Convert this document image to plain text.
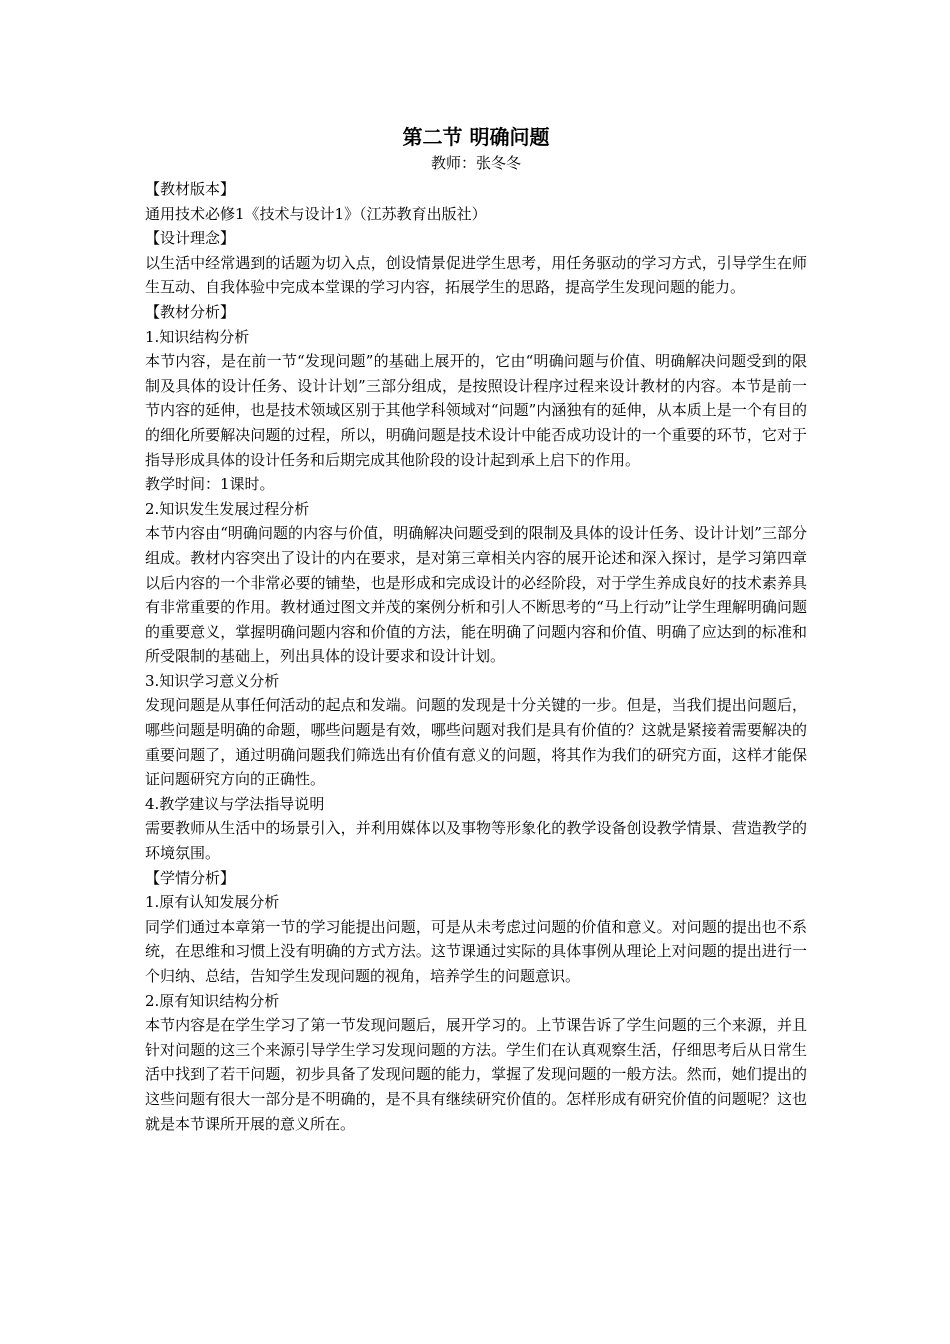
第二节 明确问题

教师：张冬冬

【教材版本】

通用技术必修1《技术与设计1》（江苏教育出版社）

【设计理念】

以生活中经常遇到的话题为切入点，创设情景促进学生思考，用任务驱动的学习方式，引导学生在师生互动、自我体验中完成本堂课的学习内容，拓展学生的思路，提高学生发现问题的能力。

【教材分析】

1.知识结构分析

本节内容，是在前一节“发现问题”的基础上展开的，它由“明确问题与价值、明确解决问题受到的限制及具体的设计任务、设计计划”三部分组成，是按照设计程序过程来设计教材的内容。本节是前一节内容的延伸，也是技术领域区别于其他学科领域对“问题”内涵独有的延伸，从本质上是一个有目的的细化所要解决问题的过程，所以，明确问题是技术设计中能否成功设计的一个重要的环节，它对于指导形成具体的设计任务和后期完成其他阶段的设计起到承上启下的作用。

教学时间：1课时。

2.知识发生发展过程分析

本节内容由“明确问题的内容与价值，明确解决问题受到的限制及具体的设计任务、设计计划”三部分组成。教材内容突出了设计的内在要求，是对第三章相关内容的展开论述和深入探讨，是学习第四章以后内容的一个非常必要的铺垫，也是形成和完成设计的必经阶段，对于学生养成良好的技术素养具有非常重要的作用。教材通过图文并茂的案例分析和引人不断思考的“马上行动”让学生理解明确问题的重要意义，掌握明确问题内容和价值的方法，能在明确了问题内容和价值、明确了应达到的标准和所受限制的基础上，列出具体的设计要求和设计计划。

3.知识学习意义分析

发现问题是从事任何活动的起点和发端。问题的发现是十分关键的一步。但是，当我们提出问题后，哪些问题是明确的命题，哪些问题是有效，哪些问题对我们是具有价值的？这就是紧接着需要解决的重要问题了，通过明确问题我们筛选出有价值有意义的问题，将其作为我们的研究方面，这样才能保证问题研究方向的正确性。

4.教学建议与学法指导说明

需要教师从生活中的场景引入，并利用媒体以及事物等形象化的教学设备创设教学情景、营造教学的环境氛围。

【学情分析】

1.原有认知发展分析

同学们通过本章第一节的学习能提出问题，可是从未考虑过问题的价值和意义。对问题的提出也不系统，在思维和习惯上没有明确的方式方法。这节课通过实际的具体事例从理论上对问题的提出进行一个归纳、总结，告知学生发现问题的视角，培养学生的问题意识。

2.原有知识结构分析

本节内容是在学生学习了第一节发现问题后，展开学习的。上节课告诉了学生问题的三个来源，并且针对问题的这三个来源引导学生学习发现问题的方法。学生们在认真观察生活，仔细思考后从日常生活中找到了若干问题，初步具备了发现问题的能力，掌握了发现问题的一般方法。然而，她们提出的这些问题有很大一部分是不明确的，是不具有继续研究价值的。怎样形成有研究价值的问题呢？这也就是本节课所开展的意义所在。
